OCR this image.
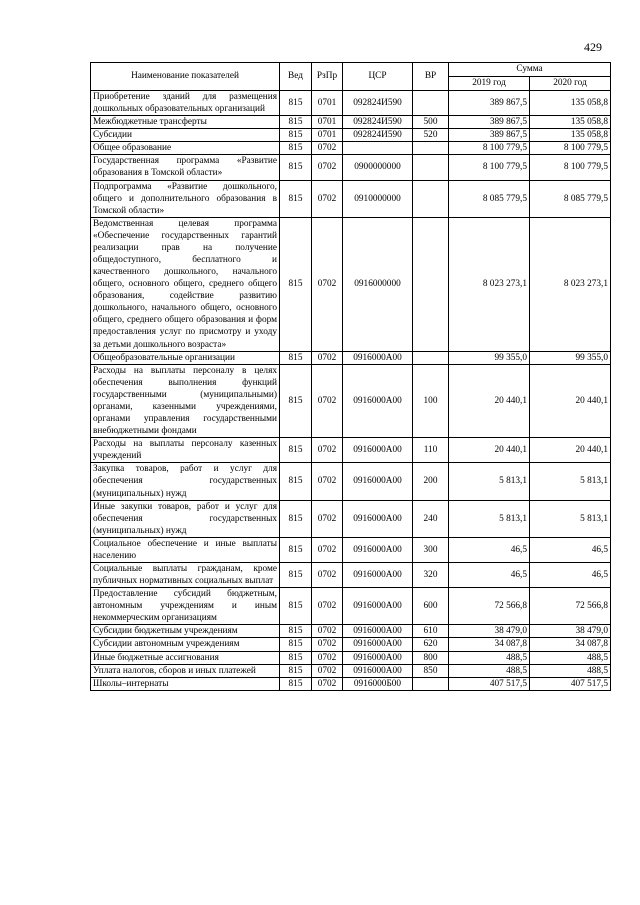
429
Наименование показателей	Вед	РзПр	ЦСР	ВР	Сумма	
					2019 год	2020 год
Приобретение зданий для размещения дошкольных образовательных организаций	815	0701	092824И590		389 867,5	135 058,8
Межбюджетные трансферты	815	0701	092824И590	500	389 867,5	135 058,8
Субсидии	815	0701	092824И590	520	389 867,5	135 058,8
Общее образование	815	0702			8 100 779,5	8 100 779,5
Государственная программа «Развитие образования в Томской области»	815	0702	0900000000		8 100 779,5	8 100 779,5
Подпрограмма «Развитие дошкольного, общего и дополнительного образования в Томской области»	815	0702	0910000000		8 085 779,5	8 085 779,5
Ведомственная целевая программа «Обеспечение государственных гарантий реализации прав на получение общедоступного, бесплатного и качественного дошкольного, начального общего, основного общего, среднего общего образования, содействие развитию дошкольного, начального общего, основного общего, среднего общего образования и форм предоставления услуг по присмотру и уходу за детьми дошкольного возраста»	815	0702	0916000000		8 023 273,1	8 023 273,1
Общеобразовательные организации	815	0702	0916000А00		99 355,0	99 355,0
Расходы на выплаты персоналу в целях обеспечения выполнения функций государственными (муниципальными) органами, казенными учреждениями, органами управления государственными внебюджетными фондами	815	0702	0916000А00	100	20 440,1	20 440,1
Расходы на выплаты персоналу казенных учреждений	815	0702	0916000А00	110	20 440,1	20 440,1
Закупка товаров, работ и услуг для обеспечения государственных (муниципальных) нужд	815	0702	0916000А00	200	5 813,1	5 813,1
Иные закупки товаров, работ и услуг для обеспечения государственных (муниципальных) нужд	815	0702	0916000А00	240	5 813,1	5 813,1
Социальное обеспечение и иные выплаты населению	815	0702	0916000А00	300	46,5	46,5
Социальные выплаты гражданам, кроме публичных нормативных социальных выплат	815	0702	0916000А00	320	46,5	46,5
Предоставление субсидий бюджетным, автономным учреждениям и иным некоммерческим организациям	815	0702	0916000А00	600	72 566,8	72 566,8
Субсидии бюджетным учреждениям	815	0702	0916000А00	610	38 479,0	38 479,0
Субсидии автономным учреждениям	815	0702	0916000А00	620	34 087,8	34 087,8
Иные бюджетные ассигнования	815	0702	0916000А00	800	488,5	488,5
Уплата налогов, сборов и иных платежей	815	0702	0916000А00	850	488,5	488,5
Школы–интернаты	815	0702	0916000Б00		407 517,5	407 517,5
